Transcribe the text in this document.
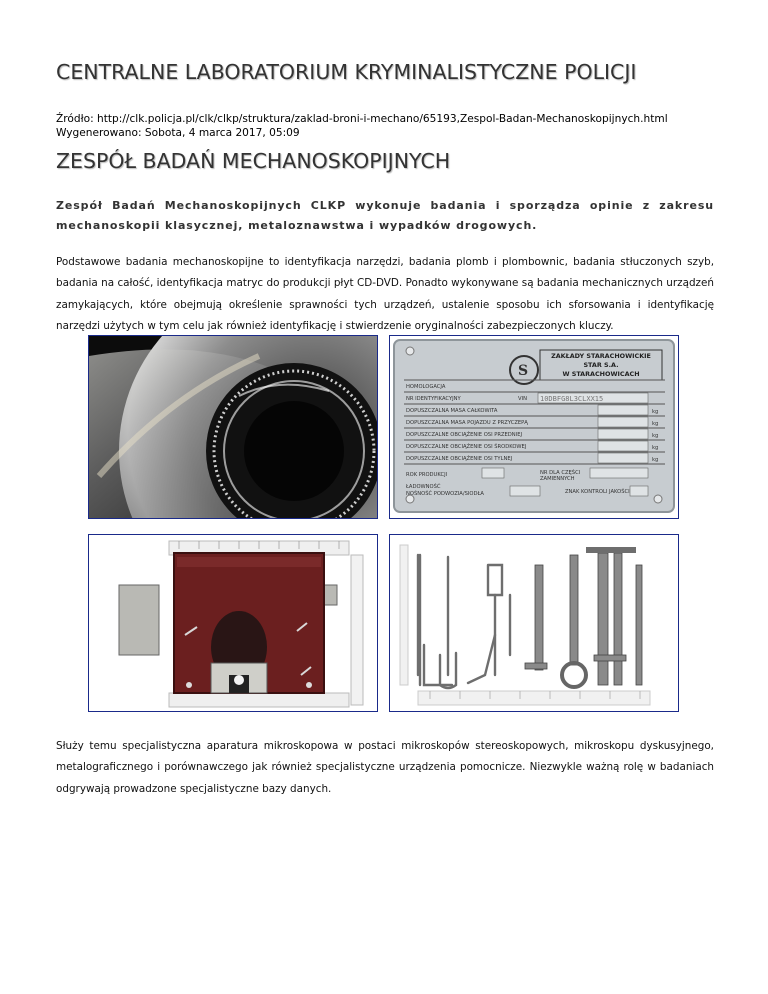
CENTRALNE LABORATORIUM KRYMINALISTYCZNE POLICJI
Źródło: http://clk.policja.pl/clk/clkp/struktura/zaklad-broni-i-mechano/65193,Zespol-Badan-Mechanoskopijnych.html
Wygenerowano: Sobota, 4 marca 2017, 05:09
ZESPÓŁ BADAŃ MECHANOSKOPIJNYCH

Zespół Badań Mechanoskopijnych CLKP wykonuje badania i sporządza opinie z zakresu mechanoskopii klasycznej, metaloznawstwa i wypadków drogowych.

Podstawowe badania mechanoskopijne to identyfikacja narzędzi, badania plomb i plombownic, badania stłuczonych szyb, badania na całość, identyfikacja matryc do produkcji płyt CD-DVD. Ponadto wykonywane są badania mechanicznych urządzeń zamykających, które obejmują określenie sprawności tych urządzeń, ustalenie sposobu ich sforsowania i identyfikację narzędzi użytych w tym celu jak również identyfikację i stwierdzenie oryginalności zabezpieczonych kluczy.

S
ZAKŁADY STARACHOWICKIE
STAR S.A.
W STARACHOWICACH
HOMOLOGACJA
NR IDENTYFIKACYJNY
DOPUSZCZALNA MASA CAŁKOWITA
DOPUSZCZALNA MASA POJAZDU Z PRZYCZEPĄ
DOPUSZCZALNE OBCIĄŻENIE OSI PRZEDNIEJ
DOPUSZCZALNE OBCIĄŻENIE OSI ŚRODKOWEJ
DOPUSZCZALNE OBCIĄŻENIE OSI TYLNEJ
VIN 10DBFG8L3CLXX15
kg
kg
kg
kg
kg
ROK PRODUKCJI
ŁADOWNOŚĆ
NOŚNOŚĆ PODWOZIA/SIODŁA
NR DLA CZĘŚCI
ZAMIENNYCH
ZNAK KONTROLI JAKOŚCI

Służy temu specjalistyczna aparatura mikroskopowa w postaci mikroskopów stereoskopowych, mikroskopu dyskusyjnego, metalograficznego i porównawczego jak również specjalistyczne urządzenia pomocnicze. Niezwykle ważną rolę w badaniach odgrywają prowadzone specjalistyczne bazy danych.
